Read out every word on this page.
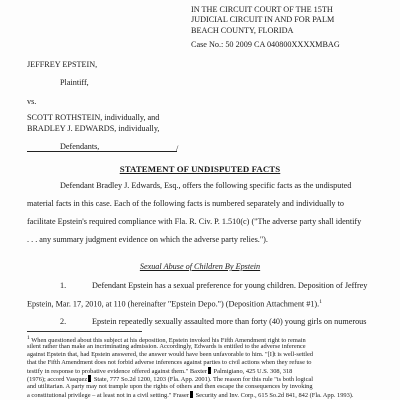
IN THE CIRCUIT COURT OF THE 15TH
JUDICIAL CIRCUIT IN AND FOR PALM
BEACH COUNTY, FLORIDA
Case No.: 50 2009 CA 040800XXXXMBAG
JEFFREY EPSTEIN,
Plaintiff,
vs.
SCOTT ROTHSTEIN, individually, and
BRADLEY J. EDWARDS, individually,
Defendants,	/
STATEMENT OF UNDISPUTED FACTS
Defendant Bradley J. Edwards, Esq., offers the following specific facts as the undisputed
material facts in this case. Each of the following facts is numbered separately and individually to
facilitate Epstein's required compliance with Fla. R. Civ. P. 1.510(c) ("The adverse party shall identify
. . . any summary judgment evidence on which the adverse party relies.").
Sexual Abuse of Children By Epstein
1.	Defendant Epstein has a sexual preference for young children. Deposition of Jeffrey
Epstein, Mar. 17, 2010, at 110 (hereinafter "Epstein Depo.") (Deposition Attachment #1).$^1$
2.	Epstein repeatedly sexually assaulted more than forty (40) young girls on numerous
1 When questioned about this subject at his deposition, Epstein invoked his Fifth Amendment right to remain
silent rather than make an incriminating admission. Accordingly, Edwards is entitled to the adverse inference
against Epstein that, had Epstein answered, the answer would have been unfavorable to him. "[I]t is well-settled
that the Fifth Amendment does not forbid adverse inferences against parties to civil actions when they refuse to
testify in response to probative evidence offered against them." Baxter Palmigiano, 425 U.S. 308, 318
(1976); accord Vasquez State, 777 So.2d 1200, 1203 (Fla. App. 2001). The reason for this rule "is both logical
and utilitarian. A party may not trample upon the rights of others and then escape the consequences by invoking
a constitutional privilege – at least not in a civil setting." Fraser Security and Inv. Corp., 615 So.2d 841, 842 (Fla. App. 1993).
